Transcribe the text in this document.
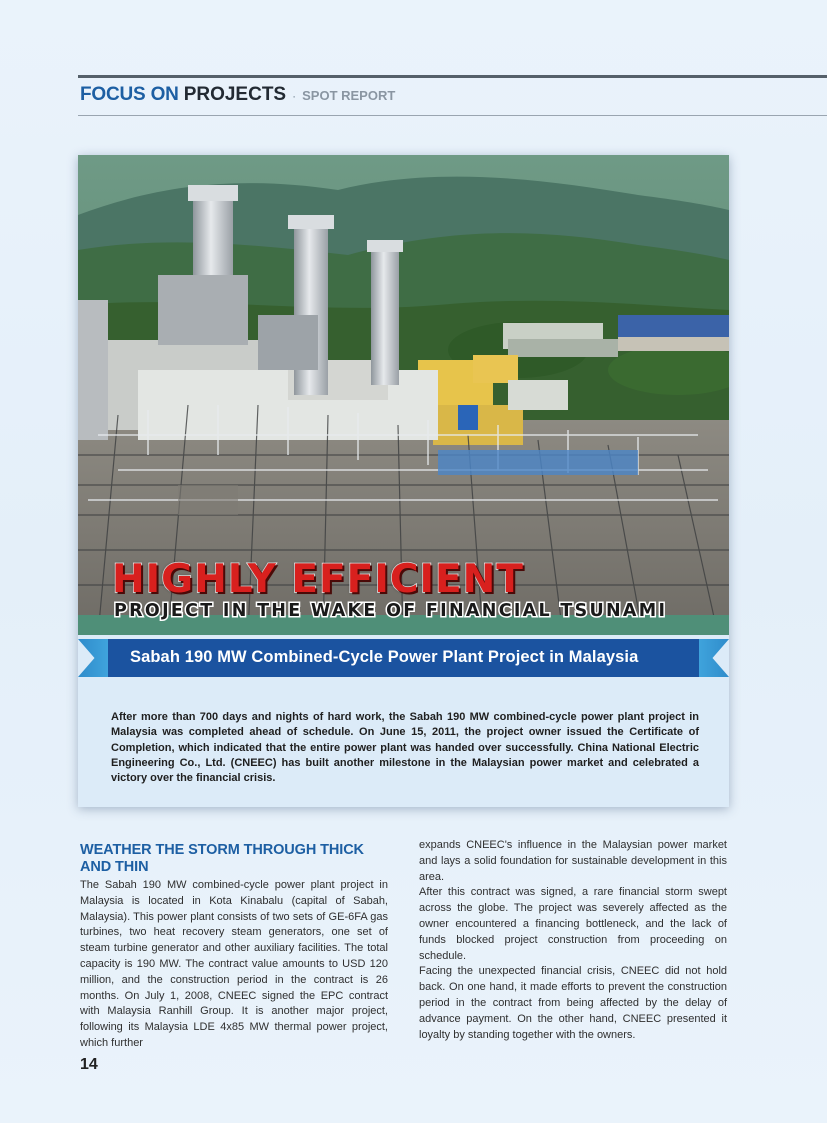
FOCUS ON PROJECTS · SPOT REPORT
HIGHLY EFFICIENT
PROJECT IN THE WAKE OF FINANCIAL TSUNAMI
Sabah 190 MW Combined-Cycle Power Plant Project in Malaysia
After more than 700 days and nights of hard work, the Sabah 190 MW combined-cycle power plant project in Malaysia was completed ahead of schedule. On June 15, 2011, the project owner issued the Certificate of Completion, which indicated that the entire power plant was handed over successfully. China National Electric Engineering Co., Ltd. (CNEEC) has built another milestone in the Malaysian power market and celebrated a victory over the financial crisis.
WEATHER THE STORM THROUGH THICK AND THIN

The Sabah 190 MW combined-cycle power plant project in Malaysia is located in Kota Kinabalu (capital of Sabah, Malaysia). This power plant consists of two sets of GE-6FA gas turbines, two heat recovery steam generators, one set of steam turbine generator and other auxiliary facilities. The total capacity is 190 MW. The contract value amounts to USD 120 million, and the construction period in the contract is 26 months. On July 1, 2008, CNEEC signed the EPC contract with Malaysia Ranhill Group. It is another major project, following its Malaysia LDE 4x85 MW thermal power project, which further

expands CNEEC's influence in the Malaysian power market and lays a solid foundation for sustainable development in this area.

After this contract was signed, a rare financial storm swept across the globe. The project was severely affected as the owner encountered a financing bottleneck, and the lack of funds blocked project construction from proceeding on schedule.

Facing the unexpected financial crisis, CNEEC did not hold back. On one hand, it made efforts to prevent the construction period in the contract from being affected by the delay of advance payment. On the other hand, CNEEC presented it loyalty by standing together with the owners.

14
